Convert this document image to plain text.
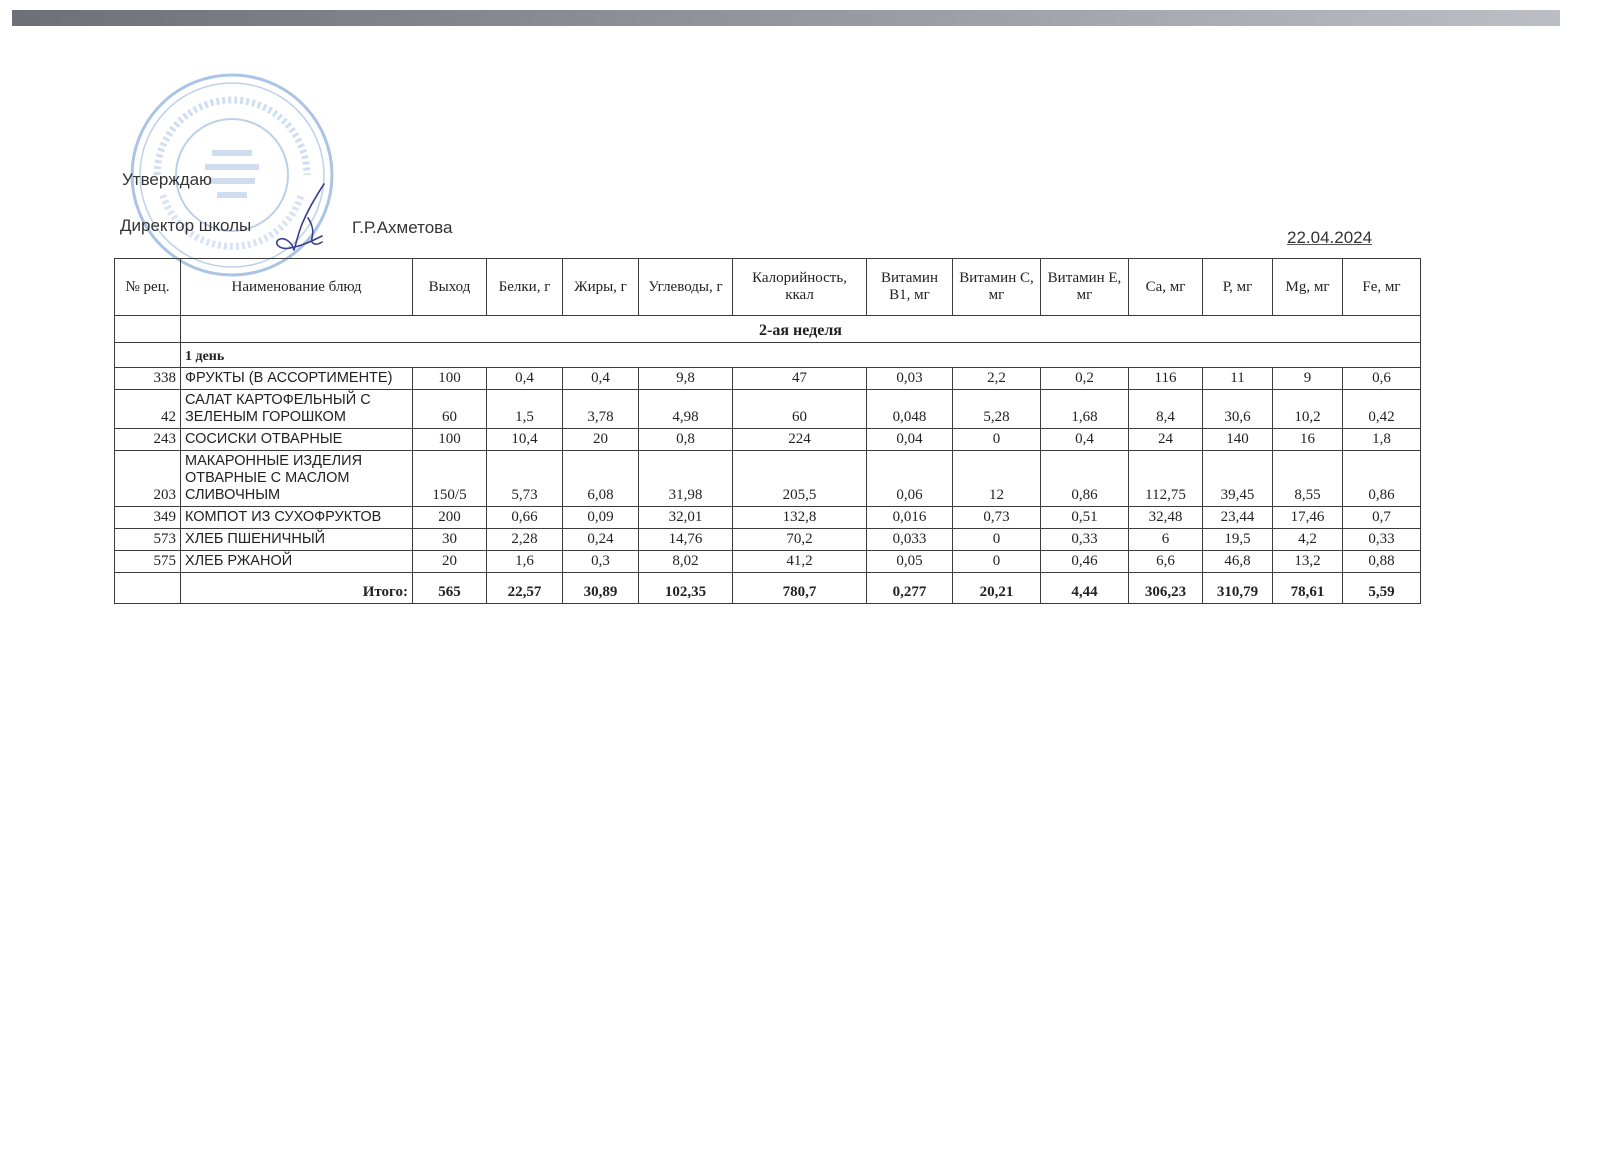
Утверждаю
Директор школы	Г.Р.Ахметова
22.04.2024
№ рец.	Наименование блюд	Выход	Белки, г	Жиры, г	Углеводы, г	Калорийность, ккал	Витамин В1, мг	Витамин С, мг	Витамин Е, мг	Са, мг	Р, мг	Mg, мг	Fe, мг
	2-ая неделя												
	1 день												
338	ФРУКТЫ (В АССОРТИМЕНТЕ)	100	0,4	0,4	9,8	47	0,03	2,2	0,2	116	11	9	0,6
42	САЛАТ КАРТОФЕЛЬНЫЙ С ЗЕЛЕНЫМ ГОРОШКОМ	60	1,5	3,78	4,98	60	0,048	5,28	1,68	8,4	30,6	10,2	0,42
243	СОСИСКИ ОТВАРНЫЕ	100	10,4	20	0,8	224	0,04	0	0,4	24	140	16	1,8
203	МАКАРОННЫЕ ИЗДЕЛИЯ ОТВАРНЫЕ С МАСЛОМ СЛИВОЧНЫМ	150/5	5,73	6,08	31,98	205,5	0,06	12	0,86	112,75	39,45	8,55	0,86
349	КОМПОТ ИЗ СУХОФРУКТОВ	200	0,66	0,09	32,01	132,8	0,016	0,73	0,51	32,48	23,44	17,46	0,7
573	ХЛЕБ ПШЕНИЧНЫЙ	30	2,28	0,24	14,76	70,2	0,033	0	0,33	6	19,5	4,2	0,33
575	ХЛЕБ РЖАНОЙ	20	1,6	0,3	8,02	41,2	0,05	0	0,46	6,6	46,8	13,2	0,88
	Итого:	565	22,57	30,89	102,35	780,7	0,277	20,21	4,44	306,23	310,79	78,61	5,59
